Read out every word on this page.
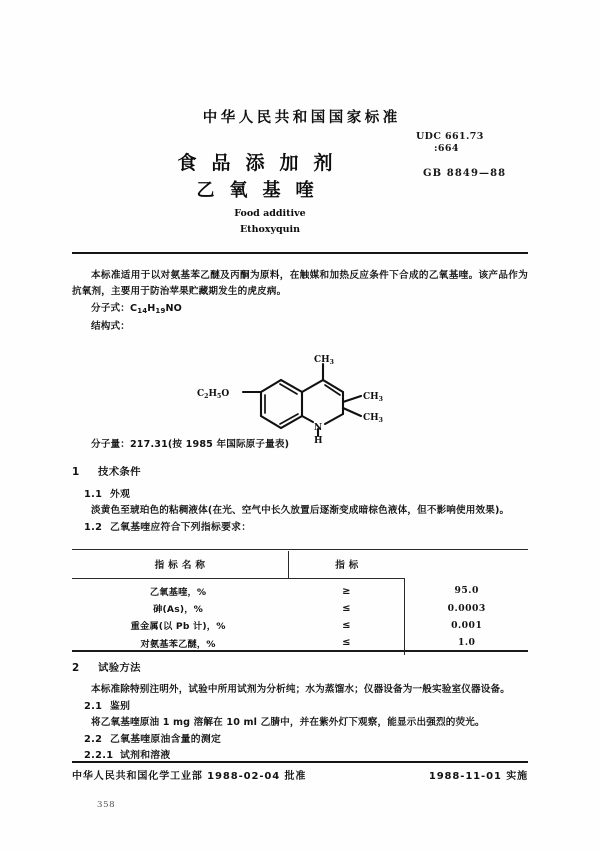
中华人民共和国国家标准
食品添加剂
乙氧基喹
Food additive
Ethoxyquin
UDC 661.73
:664
GB 8849—88

本标准适用于以对氨基苯乙醚及丙酮为原料，在触媒和加热反应条件下合成的乙氧基喹。该产品作为抗氧剂，主要用于防治苹果贮藏期发生的虎皮病。

分子式：$C_{14}H_{19}NO$

结构式：

$C_2H_5O$
$CH_3$
$CH_3$
$CH_3$
N
H

分子量：217.31(按 1985 年国际原子量表)

1 技术条件

1.1 外观

淡黄色至琥珀色的粘稠液体(在光、空气中长久放置后逐渐变成暗棕色液体，但不影响使用效果)。

1.2 乙氧基喹应符合下列指标要求：

指标名称	指标	
乙氧基喹，%	≥	95.0
砷(As)，%	≤	0.0003
重金属(以 Pb 计)，%	≤	0.001
对氨基苯乙醚，%	≤	1.0

2 试验方法

本标准除特别注明外，试验中所用试剂为分析纯；水为蒸馏水；仪器设备为一般实验室仪器设备。

2.1 鉴别

将乙氧基喹原油 1 mg 溶解在 10 ml 乙腈中，并在紫外灯下观察，能显示出强烈的荧光。

2.2 乙氧基喹原油含量的测定

2.2.1 试剂和溶液

中华人民共和国化学工业部 1988-02-04 批准	1988-11-01 实施
358
